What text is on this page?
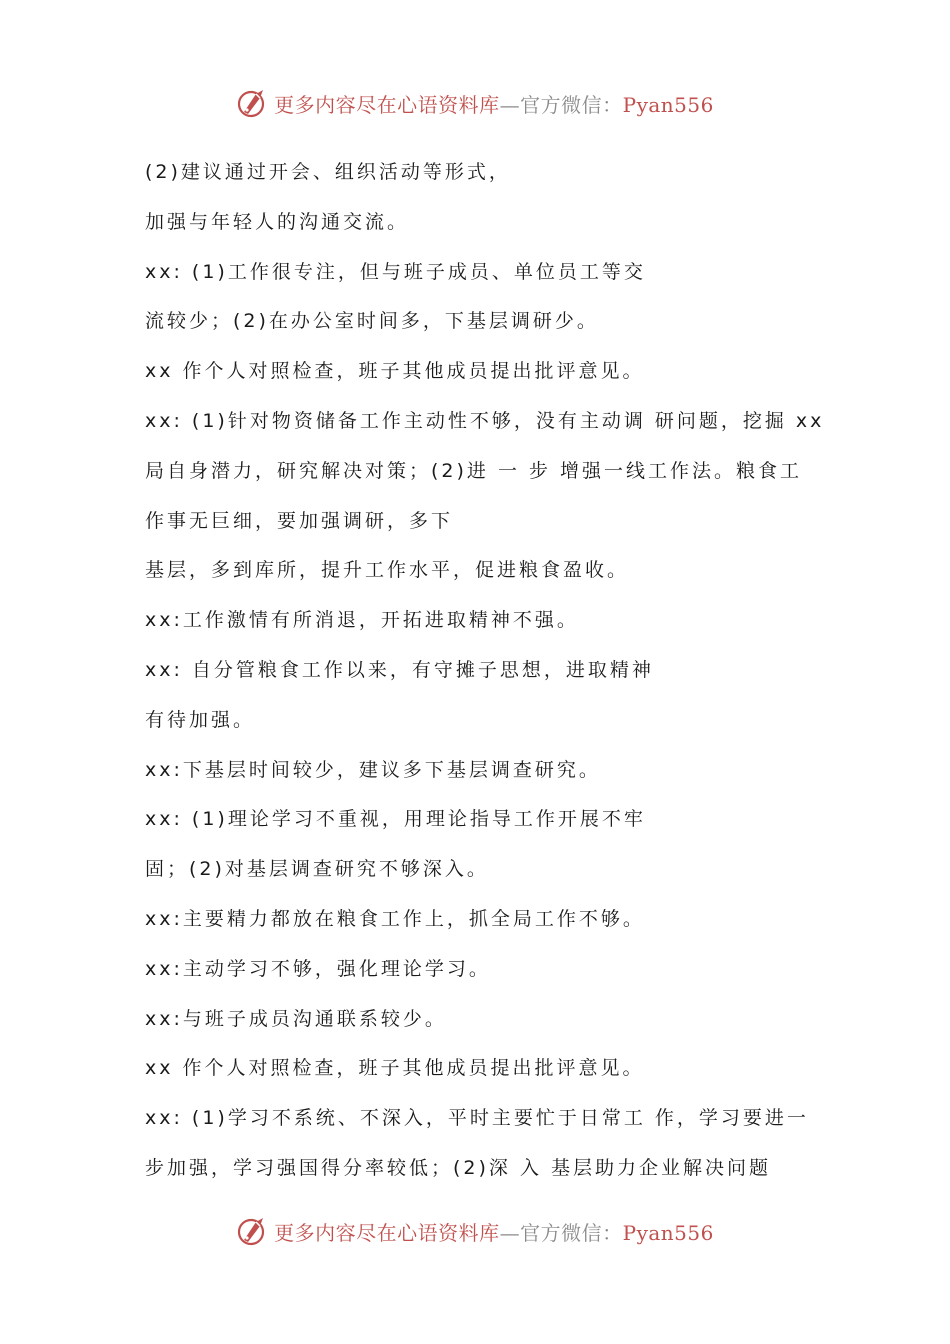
更多内容尽在心语资料库—官方微信：Pyan556
(2)建议通过开会、组织活动等形式，
加强与年轻人的沟通交流。
xx: (1)工作很专注，但与班子成员、单位员工等交
流较少；(2)在办公室时间多，下基层调研少。
xx 作个人对照检查，班子其他成员提出批评意见。
xx: (1)针对物资储备工作主动性不够，没有主动调 研问题，挖掘 xx
局自身潜力，研究解决对策；(2)进 一 步 增强一线工作法。粮食工
作事无巨细，要加强调研，多下
基层，多到库所，提升工作水平，促进粮食盈收。
xx:工作激情有所消退，开拓进取精神不强。
xx: 自分管粮食工作以来，有守摊子思想，进取精神
有待加强。
xx:下基层时间较少，建议多下基层调查研究。
xx: (1)理论学习不重视，用理论指导工作开展不牢
固；(2)对基层调查研究不够深入。
xx:主要精力都放在粮食工作上，抓全局工作不够。
xx:主动学习不够，强化理论学习。
xx:与班子成员沟通联系较少。
xx 作个人对照检查，班子其他成员提出批评意见。
xx: (1)学习不系统、不深入，平时主要忙于日常工 作，学习要进一
步加强，学习强国得分率较低；(2)深 入 基层助力企业解决问题
更多内容尽在心语资料库—官方微信：Pyan556
